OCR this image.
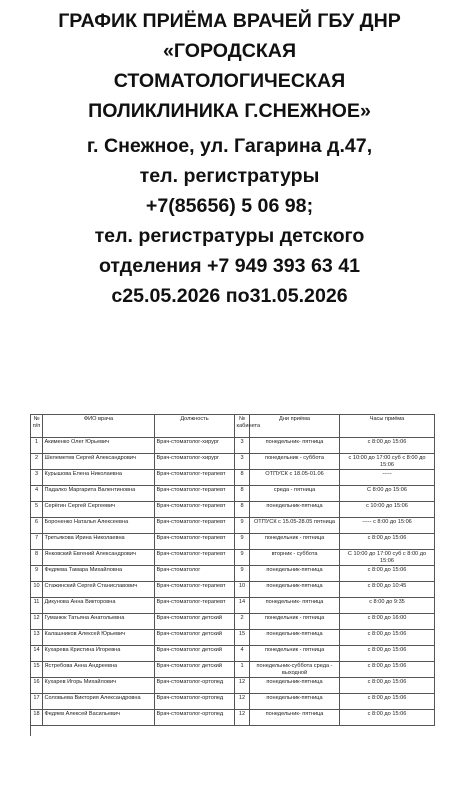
ГРАФИК ПРИЁМА ВРАЧЕЙ ГБУ ДНР
«ГОРОДСКАЯ
СТОМАТОЛОГИЧЕСКАЯ
ПОЛИКЛИНИКА Г.СНЕЖНОЕ»
г. Снежное, ул. Гагарина д.47,
тел. регистратуры
+7(85656) 5 06 98;
тел. регистратуры детского
отделения +7 949 393 63 41
с25.05.2026 по31.05.2026
№ п/п	ФИО врача	Должность	№ кабинета	Дни приёма	Часы приёма
1	Акименко Олег Юрьевич	Врач-стоматолог-хирург	3	понедельник- пятница	с 8:00 до 15:06
2	Шелеметев Сергей Александрович	Врач-стоматолог-хирург	3	понедельник - суббота	с 10:00 до 17:00 суб с 8:00 до 15:06
3	Курышова Елена Николаевна	Врач-стоматолог-терапевт	8	ОТПУСК с 18.05-01.06	-----
4	Падалко Маргарита Валентиновна	Врач-стоматолог-терапевт	8	среда - пятница	С 8:00 до 15:06
5	Серёгин Сергей Сергеевич	Врач-стоматолог-терапевт	8	понедельник-пятница	с 10:00 до 15:06
6	Бороненко Наталья Алексеевна	Врач-стоматолог-терапевт	9	ОТПУСК с 15.05-28.05 пятница	----- с 8:00 до 15:06
7	Третьякова Ирина Николаевна	Врач-стоматолог-терапевт	9	понедельник - пятница	с 8:00 до 15:06
8	Янковский Евгений Александрович	Врач-стоматолог-терапевт	9	вторник - суббота	С 10:00 до 17:00 суб с 8:00 до 15:06
9	Федяева Тамара Михайловна	Врач-стоматолог	9	понедельник-пятница	с 8:00 до 15:06
10	Стажинский Сергей Станиславович	Врач-стоматолог-терапевт	10	понедельник-пятница	с 8:00 до 10:45
11	Дикунова Анна Викторовна	Врач-стоматолог-терапевт	14	понедельник- пятница	с 8:00 до 9:35
12	Гуманюк Татьяна Анатольевна	Врач-стоматолог детский	2	понедельник - пятница	с 8:00 до 16:00
13	Калашников Алексей Юрьевич	Врач-стоматолог детский	15	понедельник-пятница	с 8:00 до 15:06
14	Кухарева Кристина Игоревна	Врач-стоматолог детский	4	понедельник - пятница	с 8:00 до 15:06
15	Ястребова Анна Андреевна	Врач-стоматолог детский	1	понедельник-суббота среда - выходной	с 8:00 до 15:06
16	Кухарев Игорь Михайлович	Врач-стоматолог-ортопед	12	понедельник-пятница	с 8:00 до 15:06
17	Соловьева Виктория Александровна	Врач-стоматолог-ортопед	12	понедельник-пятница	с 8:00 до 15:06
18	Федяев Алексей Васильевич	Врач-стоматолог-ортопед	12	понедельник- пятница	с 8:00 до 15:06
